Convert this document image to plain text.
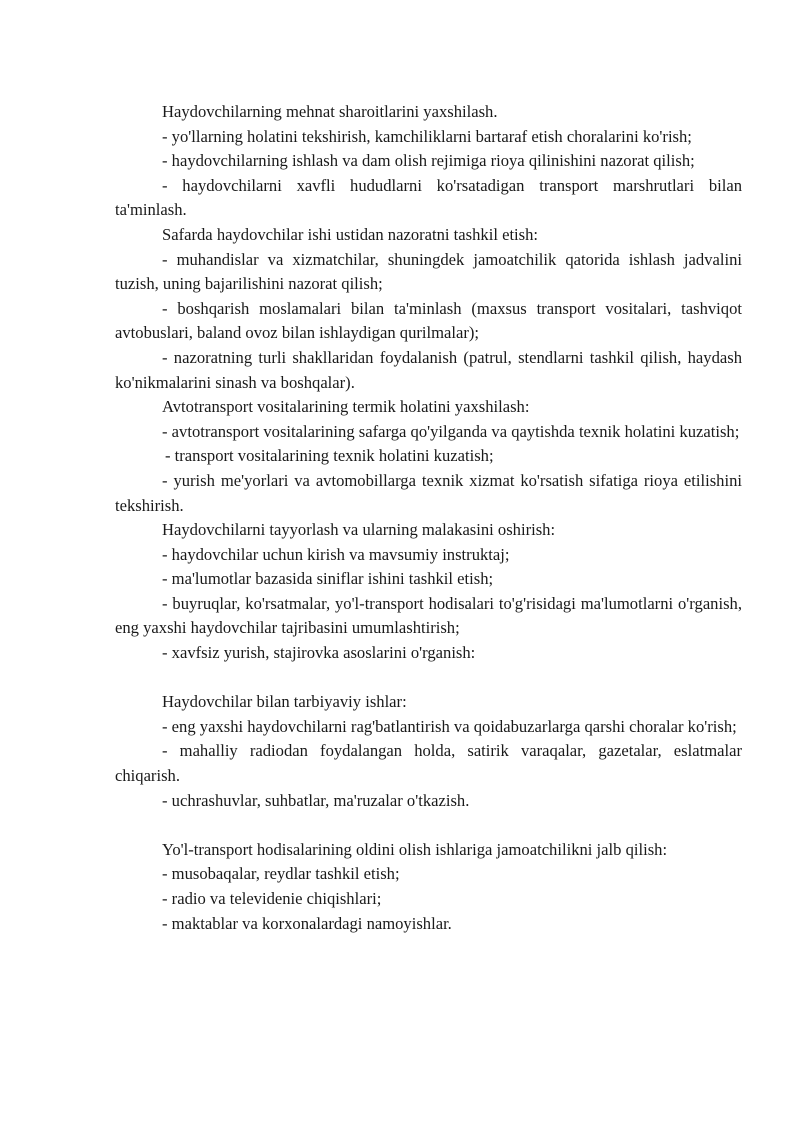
Haydovchilarning mehnat sharoitlarini yaxshilash.

- yo'llarning holatini tekshirish, kamchiliklarni bartaraf etish choralarini ko'rish;

- haydovchilarning ishlash va dam olish rejimiga rioya qilinishini nazorat qilish;

- haydovchilarni xavfli hududlarni ko'rsatadigan transport marshrutlari bilan ta'minlash.

Safarda haydovchilar ishi ustidan nazoratni tashkil etish:

- muhandislar va xizmatchilar, shuningdek jamoatchilik qatorida ishlash jadvalini tuzish, uning bajarilishini nazorat qilish;

- boshqarish moslamalari bilan ta'minlash (maxsus transport vositalari, tashviqot avtobuslari, baland ovoz bilan ishlaydigan qurilmalar);

- nazoratning turli shakllaridan foydalanish (patrul, stendlarni tashkil qilish, haydash ko'nikmalarini sinash va boshqalar).

Avtotransport vositalarining termik holatini yaxshilash:

- avtotransport vositalarining safarga qo'yilganda va qaytishda texnik holatini kuzatish;

- transport vositalarining texnik holatini kuzatish;

- yurish me'yorlari va avtomobillarga texnik xizmat ko'rsatish sifatiga rioya etilishini tekshirish.

Haydovchilarni tayyorlash va ularning malakasini oshirish:

- haydovchilar uchun kirish va mavsumiy instruktaj;

- ma'lumotlar bazasida siniflar ishini tashkil etish;

- buyruqlar, ko'rsatmalar, yo'l-transport hodisalari to'g'risidagi ma'lumotlarni o'rganish, eng yaxshi haydovchilar tajribasini umumlashtirish;

- xavfsiz yurish, stajirovka asoslarini o'rganish:

Haydovchilar bilan tarbiyaviy ishlar:

- eng yaxshi haydovchilarni rag'batlantirish va qoidabuzarlarga qarshi choralar ko'rish;

- mahalliy radiodan foydalangan holda, satirik varaqalar, gazetalar, eslatmalar chiqarish.

- uchrashuvlar, suhbatlar, ma'ruzalar o'tkazish.

Yo'l-transport hodisalarining oldini olish ishlariga jamoatchilikni jalb qilish:

- musobaqalar, reydlar tashkil etish;

- radio va televidenie chiqishlari;

- maktablar va korxonalardagi namoyishlar.
